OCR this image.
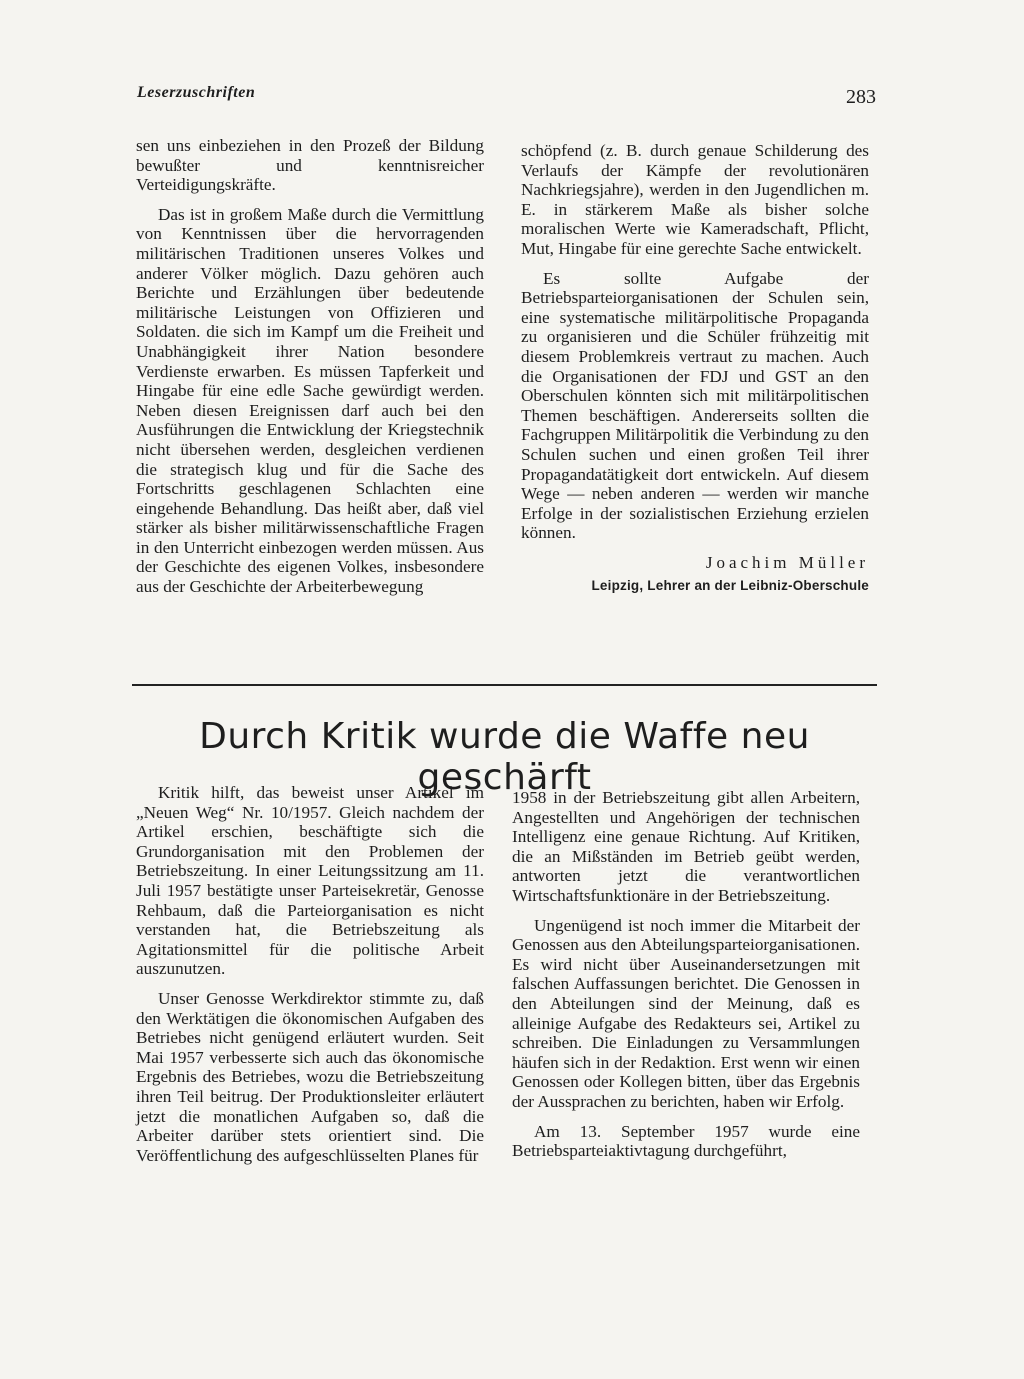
Leserzuschriften	283

sen uns einbeziehen in den Prozeß der Bildung bewußter und kenntnisreicher Verteidigungskräfte.

Das ist in großem Maße durch die Vermittlung von Kenntnissen über die hervorragenden militärischen Traditionen unseres Volkes und anderer Völker möglich. Dazu gehören auch Berichte und Erzählungen über bedeutende militärische Leistungen von Offizieren und Soldaten. die sich im Kampf um die Freiheit und Unabhängigkeit ihrer Nation besondere Verdienste erwarben. Es müssen Tapferkeit und Hingabe für eine edle Sache gewürdigt werden. Neben diesen Ereignissen darf auch bei den Ausführungen die Entwicklung der Kriegstechnik nicht übersehen werden, desgleichen verdienen die strategisch klug und für die Sache des Fortschritts geschlagenen Schlachten eine eingehende Behandlung. Das heißt aber, daß viel stärker als bisher militärwissenschaftliche Fragen in den Unterricht einbezogen werden müssen. Aus der Geschichte des eigenen Volkes, insbesondere aus der Geschichte der Arbeiterbewegung

schöpfend (z. B. durch genaue Schilderung des Verlaufs der Kämpfe der revolutionären Nachkriegsjahre), werden in den Jugendlichen m. E. in stärkerem Maße als bisher solche moralischen Werte wie Kameradschaft, Pflicht, Mut, Hingabe für eine gerechte Sache entwickelt.

Es sollte Aufgabe der Betriebsparteiorganisationen der Schulen sein, eine systematische militärpolitische Propaganda zu organisieren und die Schüler frühzeitig mit diesem Problemkreis vertraut zu machen. Auch die Organisationen der FDJ und GST an den Oberschulen könnten sich mit militärpolitischen Themen beschäftigen. Andererseits sollten die Fachgruppen Militärpolitik die Verbindung zu den Schulen suchen und einen großen Teil ihrer Propagandatätigkeit dort entwickeln. Auf diesem Wege — neben anderen — werden wir manche Erfolge in der sozialistischen Erziehung erzielen können.

Joachim Müller
Leipzig, Lehrer an der Leibniz-Oberschule
Durch Kritik wurde die Waffe neu geschärft

Kritik hilft, das beweist unser Artikel im „Neuen Weg“ Nr. 10/1957. Gleich nachdem der Artikel erschien, beschäftigte sich die Grundorganisation mit den Problemen der Betriebszeitung. In einer Leitungssitzung am 11. Juli 1957 bestätigte unser Parteisekretär, Genosse Rehbaum, daß die Parteiorganisation es nicht verstanden hat, die Betriebszeitung als Agitationsmittel für die politische Arbeit auszunutzen.

Unser Genosse Werkdirektor stimmte zu, daß den Werktätigen die ökonomischen Aufgaben des Betriebes nicht genügend erläutert wurden. Seit Mai 1957 verbesserte sich auch das ökonomische Ergebnis des Betriebes, wozu die Betriebszeitung ihren Teil beitrug. Der Produktionsleiter erläutert jetzt die monatlichen Aufgaben so, daß die Arbeiter darüber stets orientiert sind. Die Veröffentlichung des aufgeschlüsselten Planes für

1958 in der Betriebszeitung gibt allen Arbeitern, Angestellten und Angehörigen der technischen Intelligenz eine genaue Richtung. Auf Kritiken, die an Mißständen im Betrieb geübt werden, antworten jetzt die verantwortlichen Wirtschaftsfunktionäre in der Betriebszeitung.

Ungenügend ist noch immer die Mitarbeit der Genossen aus den Abteilungsparteiorganisationen. Es wird nicht über Auseinandersetzungen mit falschen Auffassungen berichtet. Die Genossen in den Abteilungen sind der Meinung, daß es alleinige Aufgabe des Redakteurs sei, Artikel zu schreiben. Die Einladungen zu Versammlungen häufen sich in der Redaktion. Erst wenn wir einen Genossen oder Kollegen bitten, über das Ergebnis der Aussprachen zu berichten, haben wir Erfolg.

Am 13. September 1957 wurde eine Betriebsparteiaktivtagung durchgeführt,
